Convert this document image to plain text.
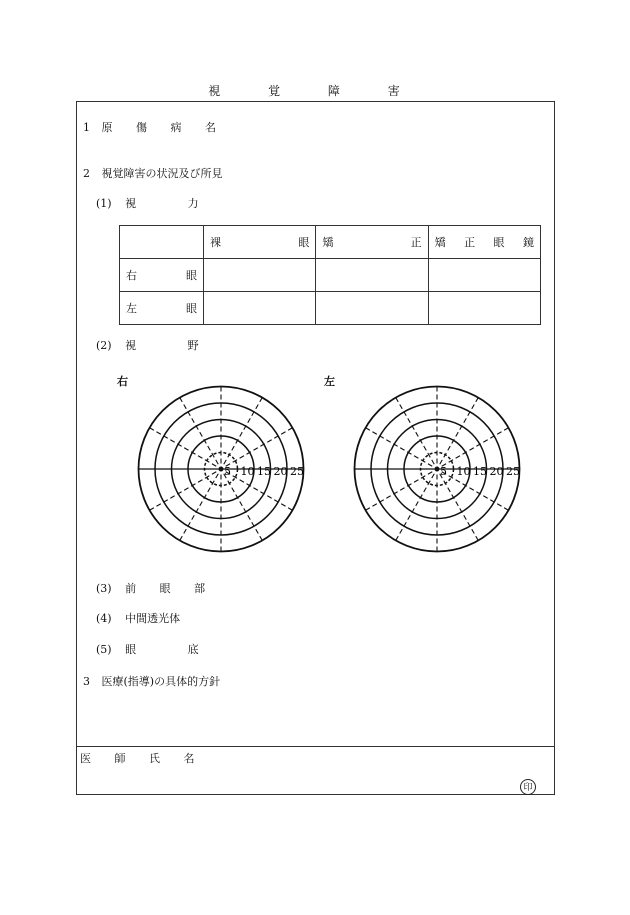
視 覚 障 害
1 原 傷 病 名
2 視覚障害の状況及び所見
(1) 視 力

	裸 眼	矯 正	矯 正 眼 鏡

右 眼			

左 眼			

(2) 視 野
右	左
5 10 15 20 25	5 10 15 20 25
(3) 前 眼 部
(4) 中間透光体
(5) 眼 底
3 医療(指導)の具体的方針
医 師 氏 名
印
